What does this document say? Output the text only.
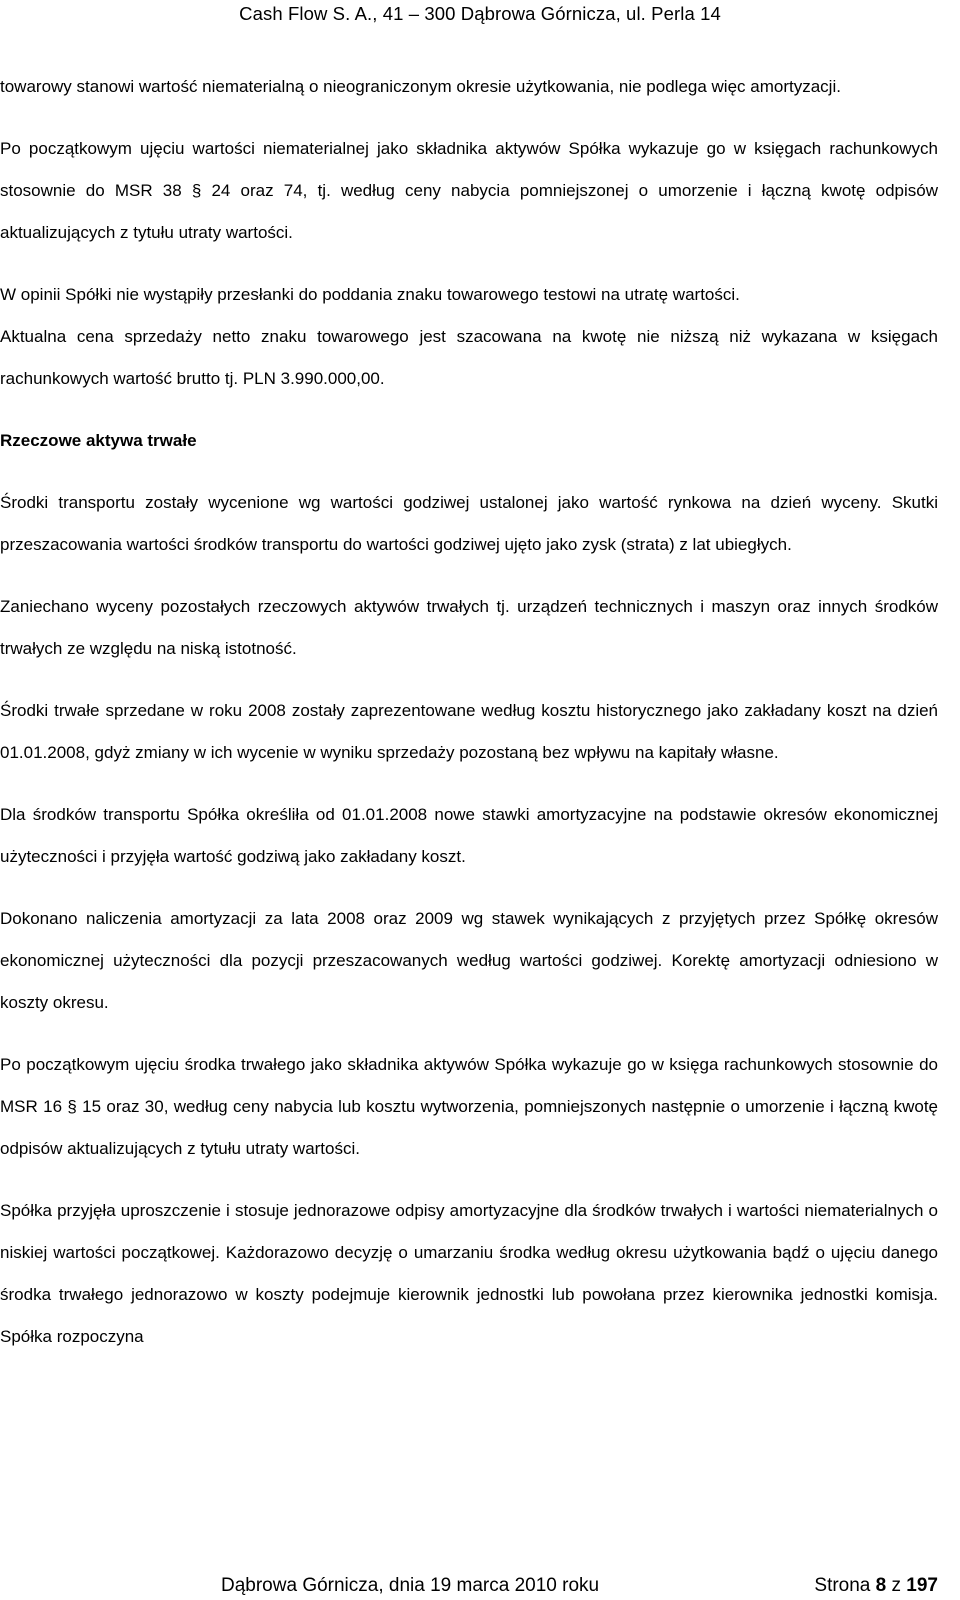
Cash Flow S. A., 41 – 300 Dąbrowa Górnicza, ul. Perla 14

towarowy stanowi wartość niematerialną o nieograniczonym okresie użytkowania, nie podlega więc amortyzacji.

Po początkowym ujęciu wartości niematerialnej jako składnika aktywów Spółka wykazuje go w księgach rachunkowych stosownie do MSR 38 § 24 oraz 74, tj. według ceny nabycia pomniejszonej o umorzenie i łączną kwotę odpisów aktualizujących z tytułu utraty wartości.

W opinii Spółki nie wystąpiły przesłanki do poddania znaku towarowego testowi na utratę wartości.

Aktualna cena sprzedaży netto znaku towarowego jest szacowana na kwotę nie niższą niż wykazana w księgach rachunkowych wartość brutto tj. PLN 3.990.000,00.

Rzeczowe aktywa trwałe

Środki transportu zostały wycenione wg wartości godziwej ustalonej jako wartość rynkowa na dzień wyceny. Skutki przeszacowania wartości środków transportu do wartości godziwej ujęto jako zysk (strata) z lat ubiegłych.

Zaniechano wyceny pozostałych rzeczowych aktywów trwałych tj. urządzeń technicznych i maszyn oraz innych środków trwałych ze względu na niską istotność.

Środki trwałe sprzedane w roku 2008 zostały zaprezentowane według kosztu historycznego jako zakładany koszt na dzień 01.01.2008, gdyż zmiany w ich wycenie w wyniku sprzedaży pozostaną bez wpływu na kapitały własne.

Dla środków transportu Spółka określiła od 01.01.2008 nowe stawki amortyzacyjne na podstawie okresów ekonomicznej użyteczności i przyjęła wartość godziwą jako zakładany koszt.

Dokonano naliczenia amortyzacji za lata 2008 oraz 2009 wg stawek wynikających z przyjętych przez Spółkę okresów ekonomicznej użyteczności dla pozycji przeszacowanych według wartości godziwej. Korektę amortyzacji odniesiono w koszty okresu.

Po początkowym ujęciu środka trwałego jako składnika aktywów Spółka wykazuje go w księga rachunkowych stosownie do MSR 16 § 15 oraz 30, według ceny nabycia lub kosztu wytworzenia, pomniejszonych następnie o umorzenie i łączną kwotę odpisów aktualizujących z tytułu utraty wartości.

Spółka przyjęła uproszczenie i stosuje jednorazowe odpisy amortyzacyjne dla środków trwałych i wartości niematerialnych o niskiej wartości początkowej. Każdorazowo decyzję o umarzaniu środka według okresu użytkowania bądź o ujęciu danego środka trwałego jednorazowo w koszty podejmuje kierownik jednostki lub powołana przez kierownika jednostki komisja. Spółka rozpoczyna

Dąbrowa Górnicza, dnia 19 marca 2010 roku	Strona 8 z 197
